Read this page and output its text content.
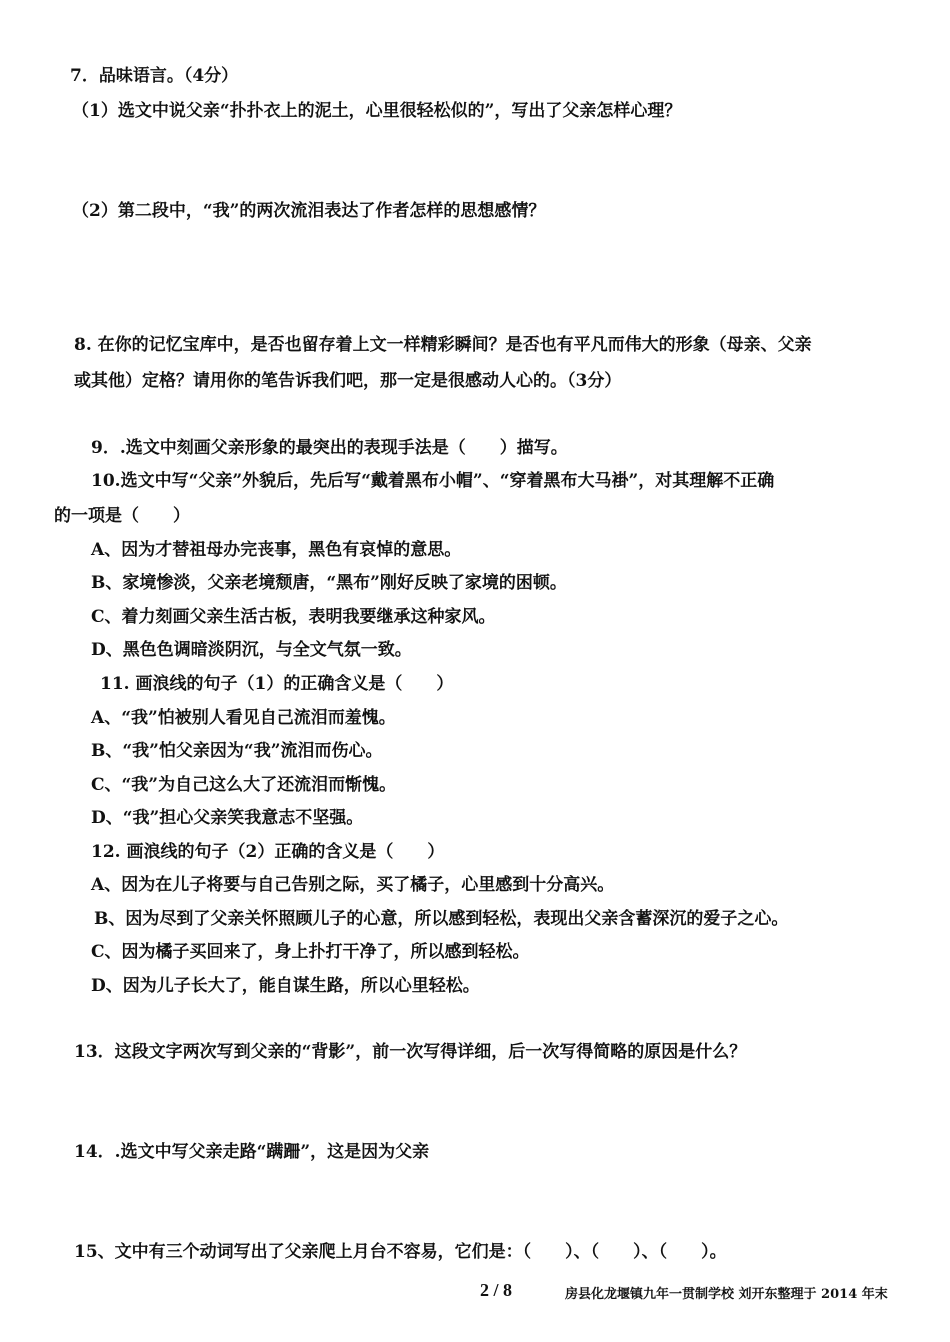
7．品味语言。（4分）
（1）选文中说父亲“扑扑衣上的泥土，心里很轻松似的”，写出了父亲怎样心理？
（2）第二段中，“我”的两次流泪表达了作者怎样的思想感情？
8. 在你的记忆宝库中，是否也留存着上文一样精彩瞬间？是否也有平凡而伟大的形象（母亲、父亲
或其他）定格？请用你的笔告诉我们吧，那一定是很感动人心的。（3分）
9．.选文中刻画父亲形象的最突出的表现手法是（　　）描写。
10.选文中写“父亲”外貌后，先后写“戴着黑布小帽”、“穿着黑布大马褂”，对其理解不正确
的一项是（　　）
A、因为才替祖母办完丧事，黑色有哀悼的意思。
B、家境惨淡，父亲老境颓唐，“黑布”刚好反映了家境的困顿。
C、着力刻画父亲生活古板，表明我要继承这种家风。
D、黑色色调暗淡阴沉，与全文气氛一致。
11. 画浪线的句子（1）的正确含义是（　　）
A、“我”怕被别人看见自己流泪而羞愧。
B、“我”怕父亲因为“我”流泪而伤心。
C、“我”为自己这么大了还流泪而惭愧。
D、“我”担心父亲笑我意志不坚强。
12. 画浪线的句子（2）正确的含义是（　　）
A、因为在儿子将要与自己告别之际，买了橘子，心里感到十分高兴。
B、因为尽到了父亲关怀照顾儿子的心意，所以感到轻松，表现出父亲含蓄深沉的爱子之心。
C、因为橘子买回来了，身上扑打干净了，所以感到轻松。
D、因为儿子长大了，能自谋生路，所以心里轻松。
13．这段文字两次写到父亲的“背影”，前一次写得详细，后一次写得简略的原因是什么？
14．.选文中写父亲走路“蹒跚”，这是因为父亲
15、文中有三个动词写出了父亲爬上月台不容易，它们是：（　　）、（　　）、（　　）。
2 / 8	房县化龙堰镇九年一贯制学校 刘开东整理于 2014 年末
